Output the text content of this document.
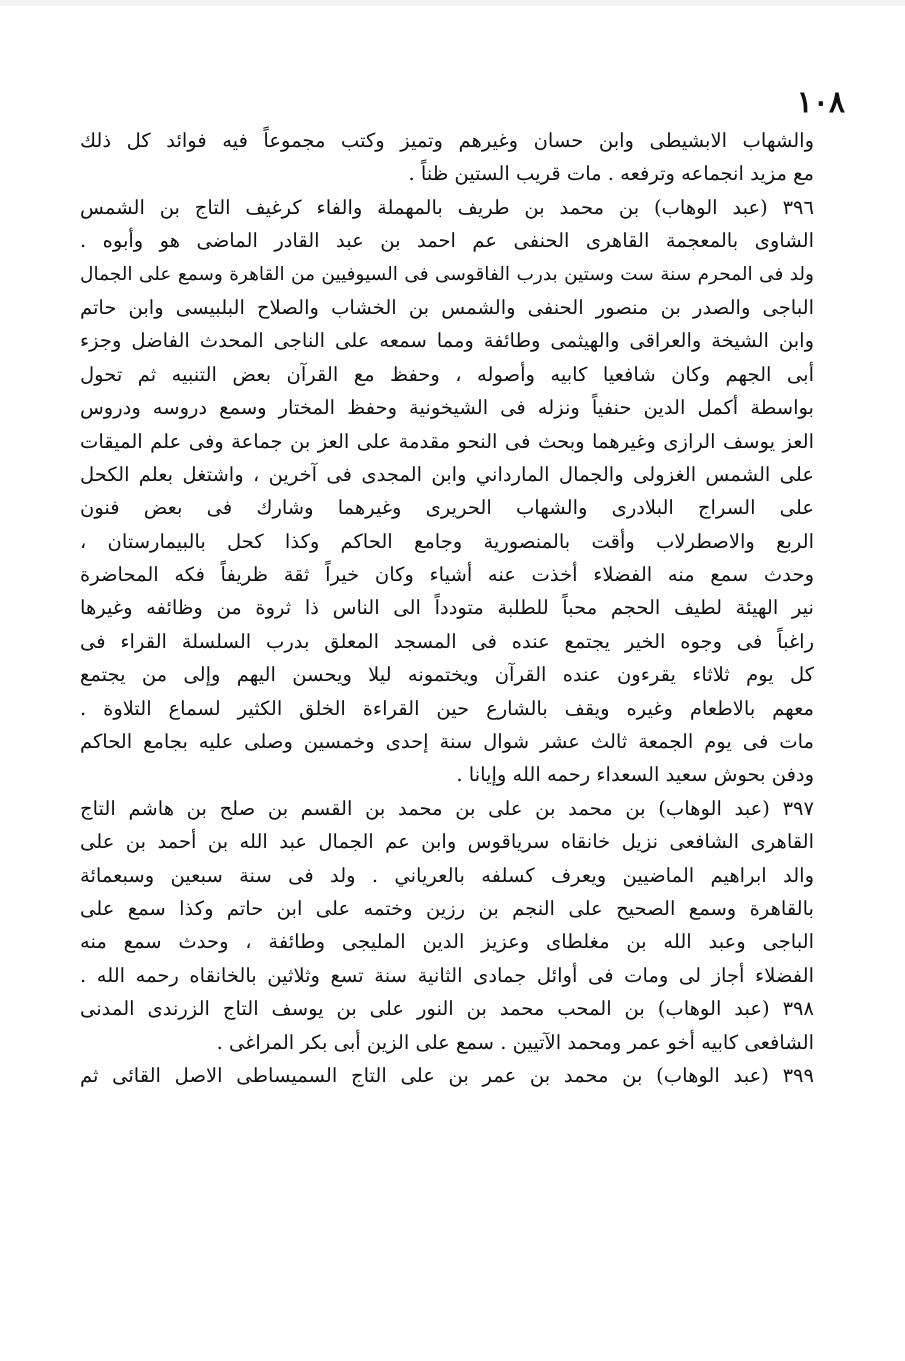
١٠٨
والشهاب الابشيطى وابن حسان وغيرهم وتميز وكتب مجموعاً فيه فوائد كل ذلك
مع مزيد انجماعه وترفعه . مات قريب الستين ظناً .
٣٩٦ (عبد الوهاب) بن محمد بن طريف بالمهملة والفاء كرغيف التاج بن الشمس
الشاوى بالمعجمة القاهرى الحنفى عم احمد بن عبد القادر الماضى هو وأبوه .
ولد فى المحرم سنة ست وستين بدرب الفاقوسى فى السيوفيين من القاهرة وسمع على الجمال
الباجى والصدر بن منصور الحنفى والشمس بن الخشاب والصلاح البلبيسى وابن حاتم
وابن الشيخة والعراقى والهيثمى وطائفة ومما سمعه على الناجى المحدث الفاضل وجزء
أبى الجهم وكان شافعيا كابيه وأصوله ، وحفظ مع القرآن بعض التنبيه ثم تحول
بواسطة أكمل الدين حنفياً ونزله فى الشيخونية وحفظ المختار وسمع دروسه ودروس
العز يوسف الرازى وغيرهما وبحث فى النحو مقدمة على العز بن جماعة وفى علم الميقات
على الشمس الغزولى والجمال المارداني وابن المجدى فى آخرين ، واشتغل بعلم الكحل
على السراج البلادرى والشهاب الحريرى وغيرهما وشارك فى بعض فنون
الربع والاصطرلاب وأقت بالمنصورية وجامع الحاكم وكذا كحل بالبيمارستان ،
وحدث سمع منه الفضلاء أخذت عنه أشياء وكان خيراً ثقة ظريفاً فكه المحاضرة
نير الهيئة لطيف الحجم محباً للطلبة متودداً الى الناس ذا ثروة من وظائفه وغيرها
راغباً فى وجوه الخير يجتمع عنده فى المسجد المعلق بدرب السلسلة القراء فى
كل يوم ثلاثاء يقرءون عنده القرآن ويختمونه ليلا ويحسن اليهم وإلى من يجتمع
معهم بالاطعام وغيره ويقف بالشارع حين القراءة الخلق الكثير لسماع التلاوة .
مات فى يوم الجمعة ثالث عشر شوال سنة إحدى وخمسين وصلى عليه بجامع الحاكم
ودفن بحوش سعيد السعداء رحمه الله وإيانا .
٣٩٧ (عبد الوهاب) بن محمد بن على بن محمد بن القسم بن صلح بن هاشم التاج
القاهرى الشافعى نزيل خانقاه سرياقوس وابن عم الجمال عبد الله بن أحمد بن على
والد ابراهيم الماضيين ويعرف كسلفه بالعرياني . ولد فى سنة سبعين وسبعمائة
بالقاهرة وسمع الصحيح على النجم بن رزين وختمه على ابن حاتم وكذا سمع على
الباجى وعبد الله بن مغلطاى وعزيز الدين المليجى وطائفة ، وحدث سمع منه
الفضلاء أجاز لى ومات فى أوائل جمادى الثانية سنة تسع وثلاثين بالخانقاه رحمه الله .
٣٩٨ (عبد الوهاب) بن المحب محمد بن النور على بن يوسف التاج الزرندى المدنى
الشافعى كابيه أخو عمر ومحمد الآتيين . سمع على الزين أبى بكر المراغى .
٣٩٩ (عبد الوهاب) بن محمد بن عمر بن على التاج السميساطى الاصل القائى ثم
